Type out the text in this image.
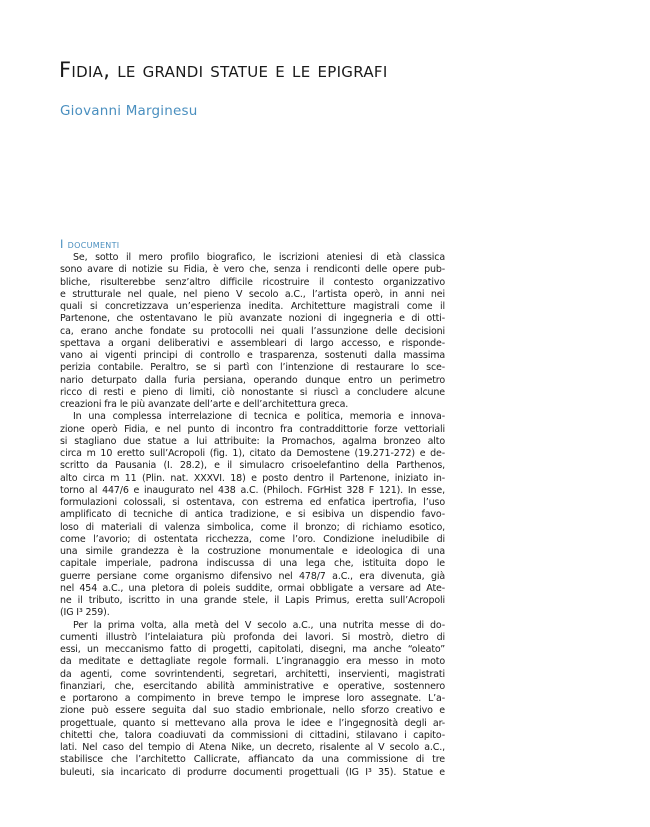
Fidia, le grandi statue e le epigrafi
Giovanni Marginesu
I documenti
Se, sotto il mero profilo biografico, le iscrizioni ateniesi di età classica
sono avare di notizie su Fidia, è vero che, senza i rendiconti delle opere pub-
bliche, risulterebbe senz’altro difficile ricostruire il contesto organizzativo
e strutturale nel quale, nel pieno V secolo a.C., l’artista operò, in anni nei
quali si concretizzava un’esperienza inedita. Architetture magistrali come il
Partenone, che ostentavano le più avanzate nozioni di ingegneria e di otti-
ca, erano anche fondate su protocolli nei quali l’assunzione delle decisioni
spettava a organi deliberativi e assembleari di largo accesso, e risponde-
vano ai vigenti principi di controllo e trasparenza, sostenuti dalla massima
perizia contabile. Peraltro, se si partì con l’intenzione di restaurare lo sce-
nario deturpato dalla furia persiana, operando dunque entro un perimetro
ricco di resti e pieno di limiti, ciò nonostante si riuscì a concludere alcune
creazioni fra le più avanzate dell’arte e dell’architettura greca.
In una complessa interrelazione di tecnica e politica, memoria e innova-
zione operò Fidia, e nel punto di incontro fra contraddittorie forze vettoriali
si stagliano due statue a lui attribuite: la Promachos, agalma bronzeo alto
circa m 10 eretto sull’Acropoli (fig. 1), citato da Demostene (19.271-272) e de-
scritto da Pausania (I. 28.2), e il simulacro crisoelefantino della Parthenos,
alto circa m 11 (Plin. nat. XXXVI. 18) e posto dentro il Partenone, iniziato in-
torno al 447/6 e inaugurato nel 438 a.C. (Philoch. FGrHist 328 F 121). In esse,
formulazioni colossali, si ostentava, con estrema ed enfatica ipertrofia, l’uso
amplificato di tecniche di antica tradizione, e si esibiva un dispendio favo-
loso di materiali di valenza simbolica, come il bronzo; di richiamo esotico,
come l’avorio; di ostentata ricchezza, come l’oro. Condizione ineludibile di
una simile grandezza è la costruzione monumentale e ideologica di una
capitale imperiale, padrona indiscussa di una lega che, istituita dopo le
guerre persiane come organismo difensivo nel 478/7 a.C., era divenuta, già
nel 454 a.C., una pletora di poleis suddite, ormai obbligate a versare ad Ate-
ne il tributo, iscritto in una grande stele, il Lapis Primus, eretta sull’Acropoli
(IG I³ 259).
Per la prima volta, alla metà del V secolo a.C., una nutrita messe di do-
cumenti illustrò l’intelaiatura più profonda dei lavori. Si mostrò, dietro di
essi, un meccanismo fatto di progetti, capitolati, disegni, ma anche “oleato”
da meditate e dettagliate regole formali. L’ingranaggio era messo in moto
da agenti, come sovrintendenti, segretari, architetti, inservienti, magistrati
finanziari, che, esercitando abilità amministrative e operative, sostennero
e portarono a compimento in breve tempo le imprese loro assegnate. L’a-
zione può essere seguita dal suo stadio embrionale, nello sforzo creativo e
progettuale, quanto si mettevano alla prova le idee e l’ingegnosità degli ar-
chitetti che, talora coadiuvati da commissioni di cittadini, stilavano i capito-
lati. Nel caso del tempio di Atena Nike, un decreto, risalente al V secolo a.C.,
stabilisce che l’architetto Callicrate, affiancato da una commissione di tre
buleuti, sia incaricato di produrre documenti progettuali (IG I³ 35). Statue e
